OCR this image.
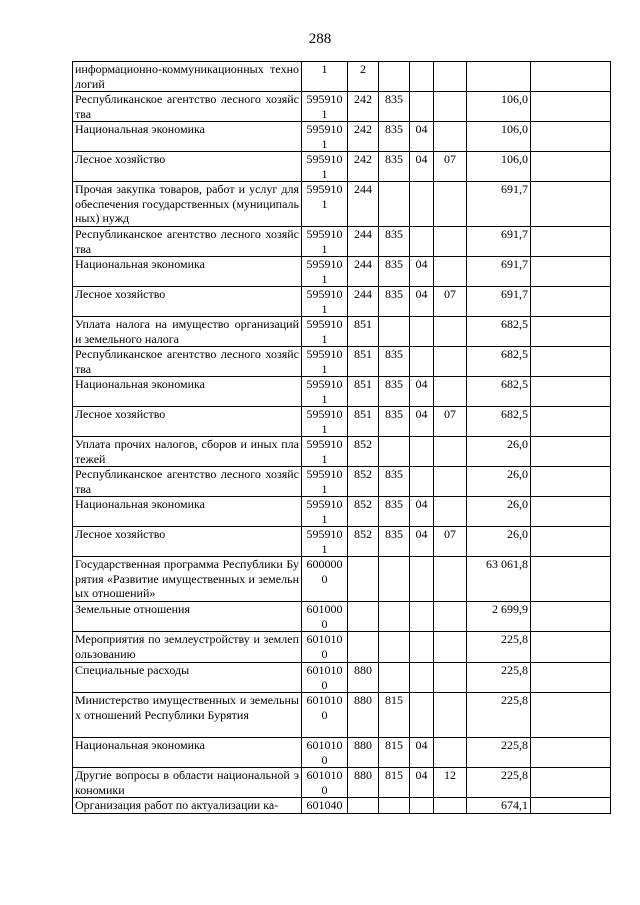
288
информационно-коммуникационных технологий	1	2					
Республиканское агентство лесного хозяйства	5959101	242	835			106,0	
Национальная экономика	5959101	242	835	04		106,0	
Лесное хозяйство	5959101	242	835	04	07	106,0	
Прочая закупка товаров, работ и услуг для обеспечения государственных (муниципальных) нужд	5959101	244				691,7	
Республиканское агентство лесного хозяйства	5959101	244	835			691,7	
Национальная экономика	5959101	244	835	04		691,7	
Лесное хозяйство	5959101	244	835	04	07	691,7	
Уплата налога на имущество организаций и земельного налога	5959101	851				682,5	
Республиканское агентство лесного хозяйства	5959101	851	835			682,5	
Национальная экономика	5959101	851	835	04		682,5	
Лесное хозяйство	5959101	851	835	04	07	682,5	
Уплата прочих налогов, сборов и иных платежей	5959101	852				26,0	
Республиканское агентство лесного хозяйства	5959101	852	835			26,0	
Национальная экономика	5959101	852	835	04		26,0	
Лесное хозяйство	5959101	852	835	04	07	26,0	
Государственная программа Республики Бурятия «Развитие имущественных и земельных отношений»	6000000					63 061,8	
Земельные отношения	6010000					2 699,9	
Мероприятия по землеустройству и землепользованию	6010100					225,8	
Специальные расходы	6010100	880				225,8	
Министерство имущественных и земельных отношений Республики Бурятия	6010100	880	815			225,8	
Национальная экономика	6010100	880	815	04		225,8	
Другие вопросы в области национальной экономики	6010100	880	815	04	12	225,8	
Организация работ по актуализации ка-	601040					674,1	
